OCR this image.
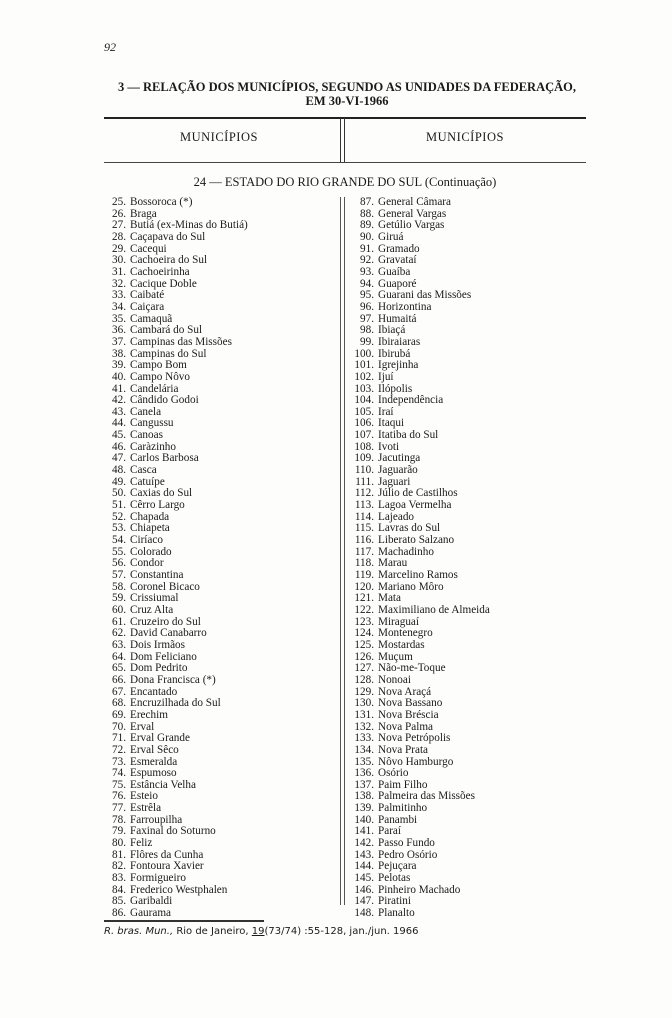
92
3 — RELAÇÃO DOS MUNICÍPIOS, SEGUNDO AS UNIDADES DA FEDERAÇÃO,
EM 30-VI-1966
MUNICÍPIOS	MUNICÍPIOS
24 — ESTADO DO RIO GRANDE DO SUL (Continuação)
25. Bossoroca (*)
26. Braga
27. Butiá (ex-Minas do Butiá)
28. Caçapava do Sul
29. Cacequi
30. Cachoeira do Sul
31. Cachoeirinha
32. Cacique Doble
33. Caibaté
34. Caiçara
35. Camaquã
36. Cambará do Sul
37. Campinas das Missões
38. Campinas do Sul
39. Campo Bom
40. Campo Nôvo
41. Candelária
42. Cândido Godoi
43. Canela
44. Cangussu
45. Canoas
46. Caràzinho
47. Carlos Barbosa
48. Casca
49. Catuípe
50. Caxias do Sul
51. Cêrro Largo
52. Chapada
53. Chiapeta
54. Ciríaco
55. Colorado
56. Condor
57. Constantina
58. Coronel Bicaco
59. Crissiumal
60. Cruz Alta
61. Cruzeiro do Sul
62. David Canabarro
63. Dois Irmãos
64. Dom Feliciano
65. Dom Pedrito
66. Dona Francisca (*)
67. Encantado
68. Encruzilhada do Sul
69. Erechim
70. Erval
71. Erval Grande
72. Erval Sêco
73. Esmeralda
74. Espumoso
75. Estância Velha
76. Esteio
77. Estrêla
78. Farroupilha
79. Faxinal do Soturno
80. Feliz
81. Flôres da Cunha
82. Fontoura Xavier
83. Formigueiro
84. Frederico Westphalen
85. Garibaldi
86. Gaurama
87. General Câmara
88. General Vargas
89. Getúlio Vargas
90. Giruá
91. Gramado
92. Gravataí
93. Guaíba
94. Guaporé
95. Guarani das Missões
96. Horizontina
97. Humaitá
98. Ibiaçá
99. Ibiraiaras
100. Ibirubá
101. Igrejinha
102. Ijuí
103. Ilópolis
104. Independência
105. Iraí
106. Itaqui
107. Itatiba do Sul
108. Ivoti
109. Jacutinga
110. Jaguarão
111. Jaguari
112. Júlio de Castilhos
113. Lagoa Vermelha
114. Lajeado
115. Lavras do Sul
116. Liberato Salzano
117. Machadinho
118. Marau
119. Marcelino Ramos
120. Mariano Môro
121. Mata
122. Maximiliano de Almeida
123. Miraguaí
124. Montenegro
125. Mostardas
126. Muçum
127. Não-me-Toque
128. Nonoai
129. Nova Araçá
130. Nova Bassano
131. Nova Bréscia
132. Nova Palma
133. Nova Petrópolis
134. Nova Prata
135. Nôvo Hamburgo
136. Osório
137. Paim Filho
138. Palmeira das Missões
139. Palmitinho
140. Panambi
141. Paraí
142. Passo Fundo
143. Pedro Osório
144. Pejuçara
145. Pelotas
146. Pinheiro Machado
147. Piratini
148. Planalto
R. bras. Mun., Rio de Janeiro, 19(73/74) :55-128, jan./jun. 1966
